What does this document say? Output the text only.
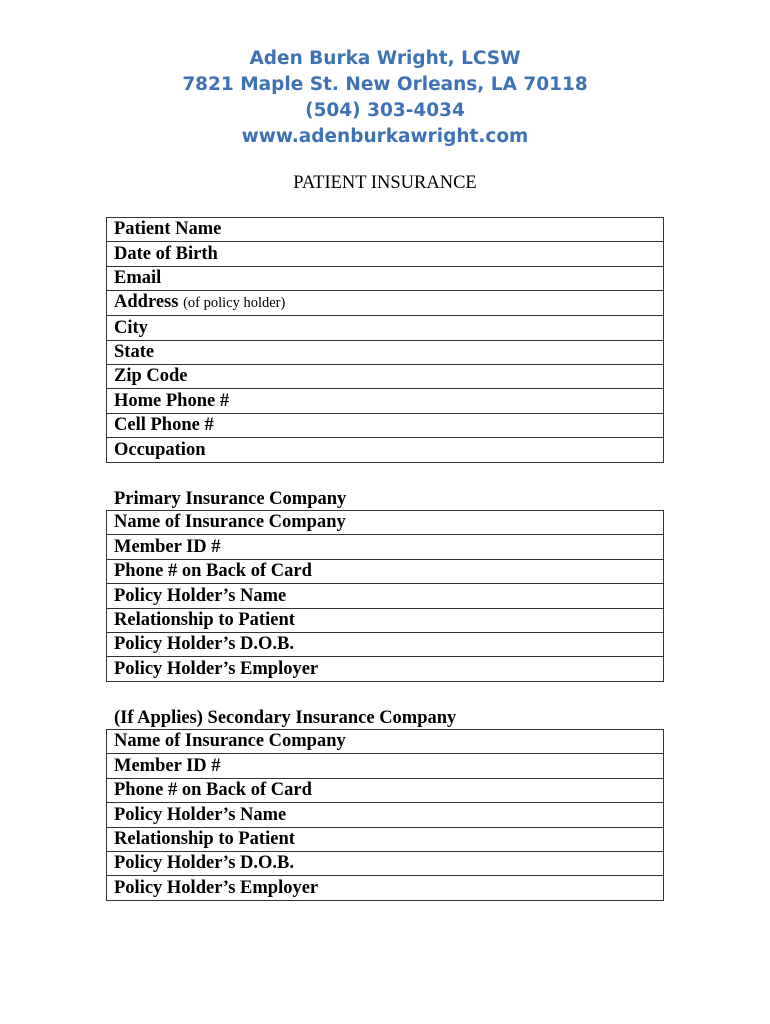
Aden Burka Wright, LCSW
7821 Maple St. New Orleans, LA 70118
(504) 303-4034
www.adenburkawright.com
PATIENT INSURANCE
Patient Name
Date of Birth
Email
Address (of policy holder)
City
State
Zip Code
Home Phone #
Cell Phone #
Occupation
Primary Insurance Company
Name of Insurance Company
Member ID #
Phone # on Back of Card
Policy Holder’s Name
Relationship to Patient
Policy Holder’s D.O.B.
Policy Holder’s Employer
(If Applies) Secondary Insurance Company
Name of Insurance Company
Member ID #
Phone # on Back of Card
Policy Holder’s Name
Relationship to Patient
Policy Holder’s D.O.B.
Policy Holder’s Employer
